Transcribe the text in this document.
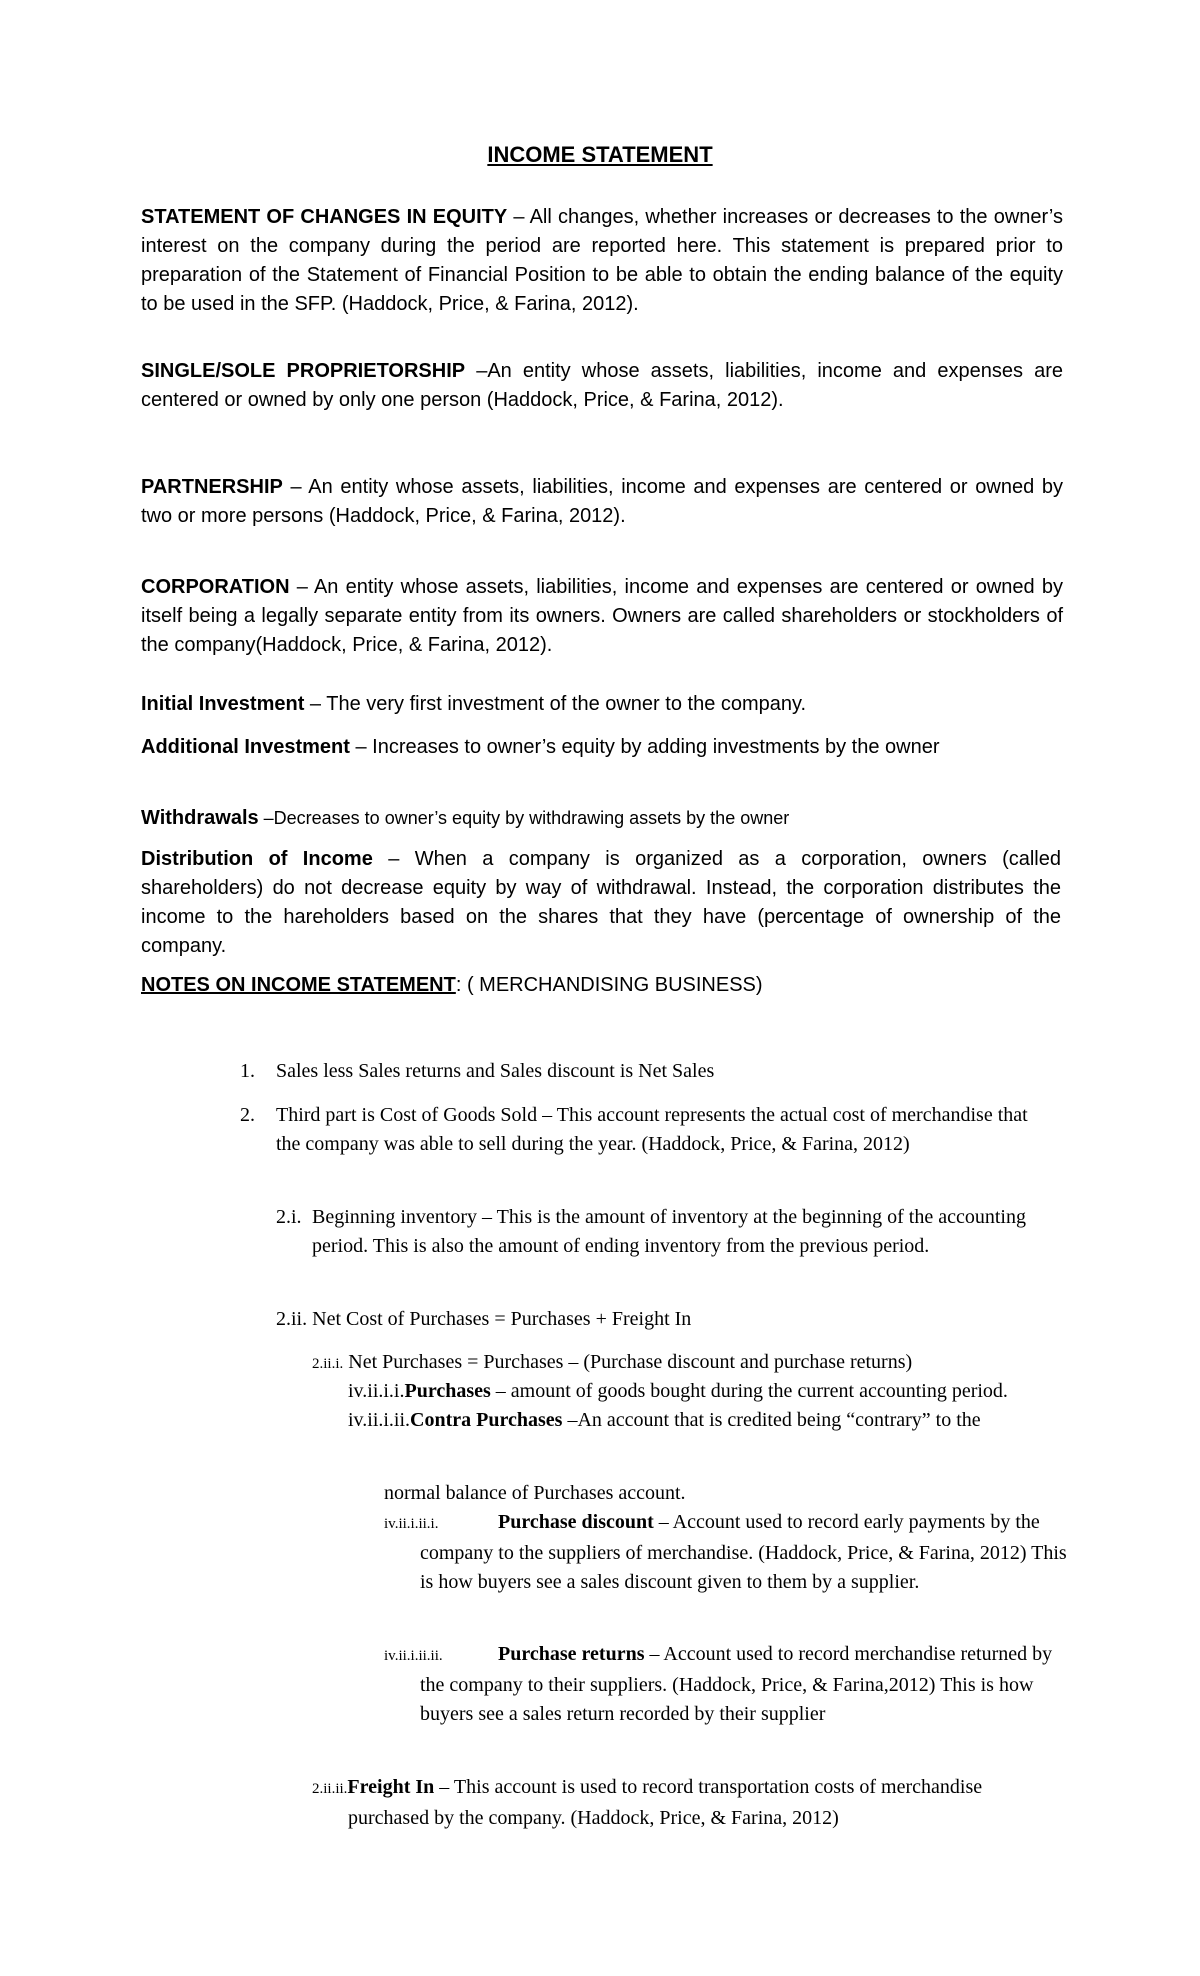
INCOME STATEMENT
STATEMENT OF CHANGES IN EQUITY – All changes, whether increases or decreases to the owner’s interest on the company during the period are reported here. This statement is prepared prior to preparation of the Statement of Financial Position to be able to obtain the ending balance of the equity to be used in the SFP. (Haddock, Price, & Farina, 2012).
SINGLE/SOLE PROPRIETORSHIP –An entity whose assets, liabilities, income and expenses are centered or owned by only one person (Haddock, Price, & Farina, 2012).
PARTNERSHIP – An entity whose assets, liabilities, income and expenses are centered or owned by two or more persons (Haddock, Price, & Farina, 2012).
CORPORATION – An entity whose assets, liabilities, income and expenses are centered or owned by itself being a legally separate entity from its owners. Owners are called shareholders or stockholders of the company(Haddock, Price, & Farina, 2012).
Initial Investment – The very first investment of the owner to the company.
Additional Investment – Increases to owner’s equity by adding investments by the owner
Withdrawals –Decreases to owner’s equity by withdrawing assets by the owner
Distribution of Income – When a company is organized as a corporation, owners (called shareholders) do not decrease equity by way of withdrawal. Instead, the corporation distributes the income to the hareholders based on the shares that they have (percentage of ownership of the company.
NOTES ON INCOME STATEMENT: ( MERCHANDISING BUSINESS)
1. Sales less Sales returns and Sales discount is Net Sales
2. Third part is Cost of Goods Sold – This account represents the actual cost of merchandise that the company was able to sell during the year. (Haddock, Price, & Farina, 2012)
2.i. Beginning inventory – This is the amount of inventory at the beginning of the accounting period. This is also the amount of ending inventory from the previous period.
2.ii. Net Cost of Purchases = Purchases + Freight In
2.ii.i. Net Purchases = Purchases – (Purchase discount and purchase returns)
iv.ii.i.i.Purchases – amount of goods bought during the current accounting period. iv.ii.i.ii.Contra Purchases –An account that is credited being “contrary” to the
normal balance of Purchases account.
iv.ii.i.ii.i.	Purchase discount – Account used to record early payments by the company to the suppliers of merchandise. (Haddock, Price, & Farina, 2012) This is how buyers see a sales discount given to them by a supplier.
iv.ii.i.ii.ii.	Purchase returns – Account used to record merchandise returned by the company to their suppliers. (Haddock, Price, & Farina,2012) This is how buyers see a sales return recorded by their supplier
2.ii.ii.Freight In – This account is used to record transportation costs of merchandise purchased by the company. (Haddock, Price, & Farina, 2012)
